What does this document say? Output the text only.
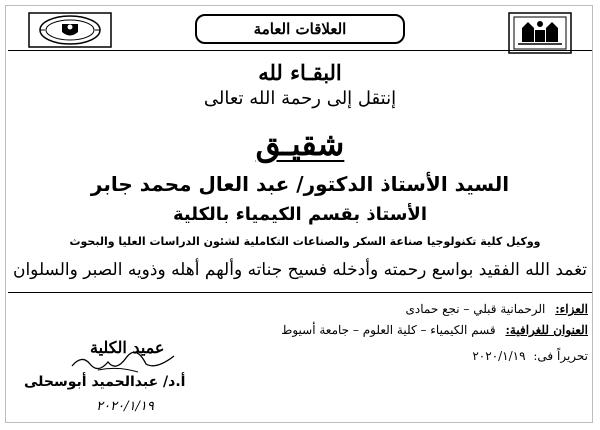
العلاقات العامة
البقـاء لله
إنتقل إلى رحمة الله تعالى
شقيـق
السيد الأستاذ الدكتور/ عبد العال محمد جابر
الأستاذ بقسم الكيمياء بالكلية
ووكيل كلية تكنولوجيا صناعة السكر والصناعات التكاملية لشئون الدراسات العليا والبحوث
تغمد الله الفقيد بواسع رحمته وأدخله فسيح جناته وألهم أهله وذويه الصبر والسلوان
العزاء: الرحمانية قبلي – نجع حمادى
العنوان للغرافية: قسم الكيمياء – كلية العلوم – جامعة أسيوط
تحريراً فى: ٢٠٢٠/١/١٩
عميد الكلية
أ.د/ عبدالحميد أبوسحلى
٢٠٢٠/١/١٩
